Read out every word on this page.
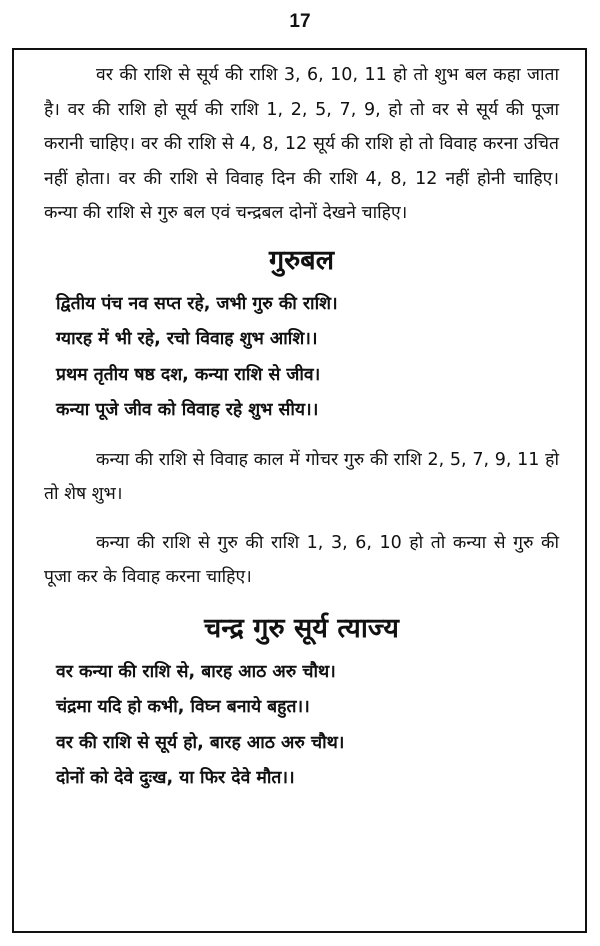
17

वर की राशि से सूर्य की राशि 3, 6, 10, 11 हो तो शुभ बल कहा जाता है। वर की राशि हो सूर्य की राशि 1, 2, 5, 7, 9, हो तो वर से सूर्य की पूजा करानी चाहिए। वर की राशि से 4, 8, 12 सूर्य की राशि हो तो विवाह करना उचित नहीं होता। वर की राशि से विवाह दिन की राशि 4, 8, 12 नहीं होनी चाहिए। कन्या की राशि से गुरु बल एवं चन्द्रबल दोनों देखने चाहिए।

गुरुबल
द्वितीय पंच नव सप्त रहे, जभी गुरु की राशि।
ग्यारह में भी रहे, रचो विवाह शुभ आशि।।
प्रथम तृतीय षष्ठ दश, कन्या राशि से जीव।
कन्या पूजे जीव को विवाह रहे शुभ सीय।।

कन्या की राशि से विवाह काल में गोचर गुरु की राशि 2, 5, 7, 9, 11 हो तो शेष शुभ।

कन्या की राशि से गुरु की राशि 1, 3, 6, 10 हो तो कन्या से गुरु की पूजा कर के विवाह करना चाहिए।

चन्द्र गुरु सूर्य त्याज्य
वर कन्या की राशि से, बारह आठ अरु चौथ।
चंद्रमा यदि हो कभी, विघ्न बनाये बहुत।।
वर की राशि से सूर्य हो, बारह आठ अरु चौथ।
दोनों को देवे दुःख, या फिर देवे मौत।।
